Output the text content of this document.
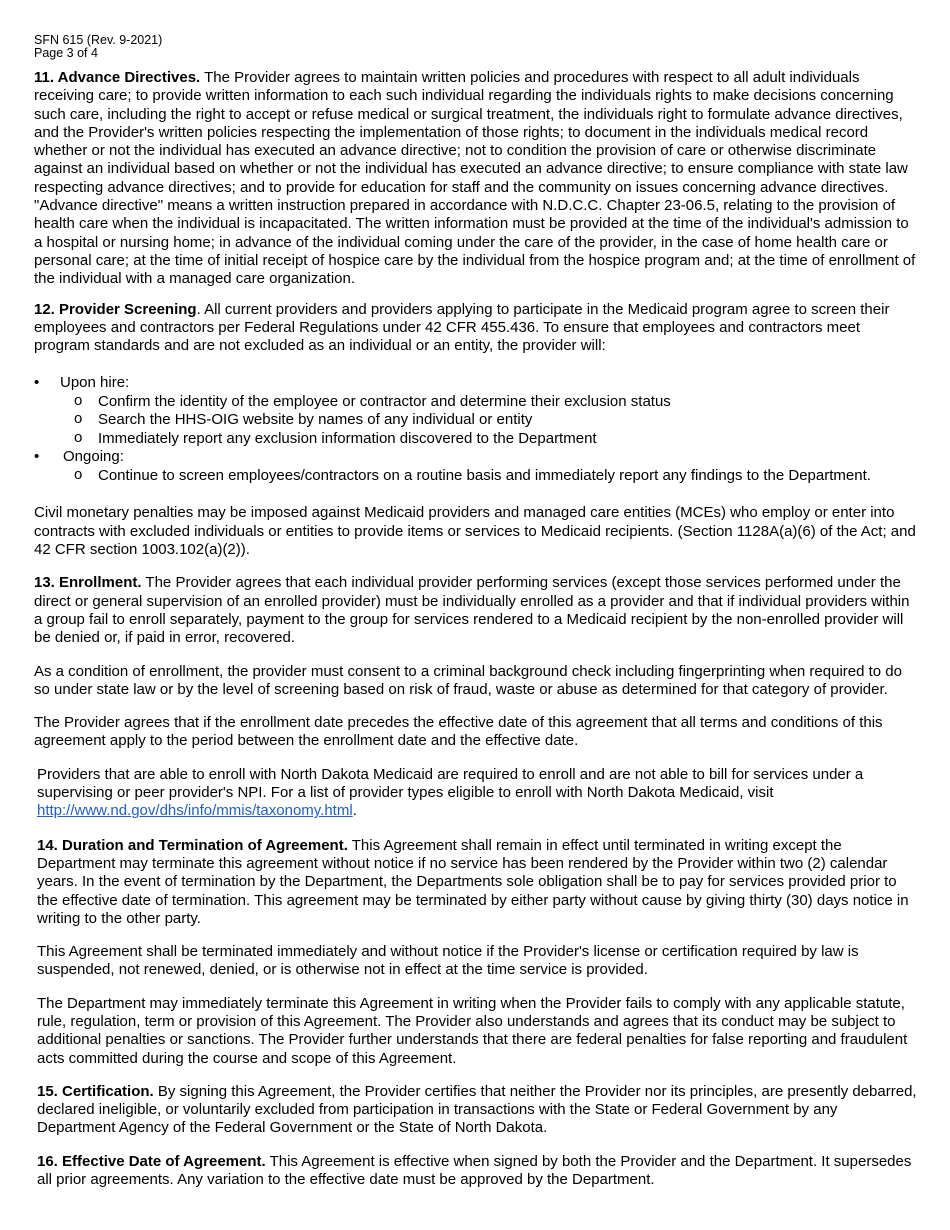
SFN 615 (Rev. 9-2021)
Page 3 of 4

11. Advance Directives. The Provider agrees to maintain written policies and procedures with respect to all adult individuals receiving care; to provide written information to each such individual regarding the individuals rights to make decisions concerning such care, including the right to accept or refuse medical or surgical treatment, the individuals right to formulate advance directives, and the Provider's written policies respecting the implementation of those rights; to document in the individuals medical record whether or not the individual has executed an advance directive; not to condition the provision of care or otherwise discriminate against an individual based on whether or not the individual has executed an advance directive; to ensure compliance with state law respecting advance directives; and to provide for education for staff and the community on issues concerning advance directives. "Advance directive" means a written instruction prepared in accordance with N.D.C.C. Chapter 23-06.5, relating to the provision of health care when the individual is incapacitated. The written information must be provided at the time of the individual's admission to a hospital or nursing home; in advance of the individual coming under the care of the provider, in the case of home health care or personal care; at the time of initial receipt of hospice care by the individual from the hospice program and; at the time of enrollment of the individual with a managed care organization.

12. Provider Screening. All current providers and providers applying to participate in the Medicaid program agree to screen their employees and contractors per Federal Regulations under 42 CFR 455.436. To ensure that employees and contractors meet program standards and are not excluded as an individual or an entity, the provider will:

• Upon hire:
o Confirm the identity of the employee or contractor and determine their exclusion status
o Search the HHS-OIG website by names of any individual or entity
o Immediately report any exclusion information discovered to the Department
• Ongoing:
o Continue to screen employees/contractors on a routine basis and immediately report any findings to the Department.

Civil monetary penalties may be imposed against Medicaid providers and managed care entities (MCEs) who employ or enter into contracts with excluded individuals or entities to provide items or services to Medicaid recipients. (Section 1128A(a)(6) of the Act; and 42 CFR section 1003.102(a)(2)).

13. Enrollment. The Provider agrees that each individual provider performing services (except those services performed under the direct or general supervision of an enrolled provider) must be individually enrolled as a provider and that if individual providers within a group fail to enroll separately, payment to the group for services rendered to a Medicaid recipient by the non-enrolled provider will be denied or, if paid in error, recovered.

As a condition of enrollment, the provider must consent to a criminal background check including fingerprinting when required to do so under state law or by the level of screening based on risk of fraud, waste or abuse as determined for that category of provider.

The Provider agrees that if the enrollment date precedes the effective date of this agreement that all terms and conditions of this agreement apply to the period between the enrollment date and the effective date.

Providers that are able to enroll with North Dakota Medicaid are required to enroll and are not able to bill for services under a supervising or peer provider's NPI. For a list of provider types eligible to enroll with North Dakota Medicaid, visit http://www.nd.gov/dhs/info/mmis/taxonomy.html.

14. Duration and Termination of Agreement. This Agreement shall remain in effect until terminated in writing except the Department may terminate this agreement without notice if no service has been rendered by the Provider within two (2) calendar years. In the event of termination by the Department, the Departments sole obligation shall be to pay for services provided prior to the effective date of termination. This agreement may be terminated by either party without cause by giving thirty (30) days notice in writing to the other party.

This Agreement shall be terminated immediately and without notice if the Provider's license or certification required by law is suspended, not renewed, denied, or is otherwise not in effect at the time service is provided.

The Department may immediately terminate this Agreement in writing when the Provider fails to comply with any applicable statute, rule, regulation, term or provision of this Agreement. The Provider also understands and agrees that its conduct may be subject to additional penalties or sanctions. The Provider further understands that there are federal penalties for false reporting and fraudulent acts committed during the course and scope of this Agreement.

15. Certification. By signing this Agreement, the Provider certifies that neither the Provider nor its principles, are presently debarred, declared ineligible, or voluntarily excluded from participation in transactions with the State or Federal Government by any Department Agency of the Federal Government or the State of North Dakota.

16. Effective Date of Agreement. This Agreement is effective when signed by both the Provider and the Department. It supersedes all prior agreements. Any variation to the effective date must be approved by the Department.
